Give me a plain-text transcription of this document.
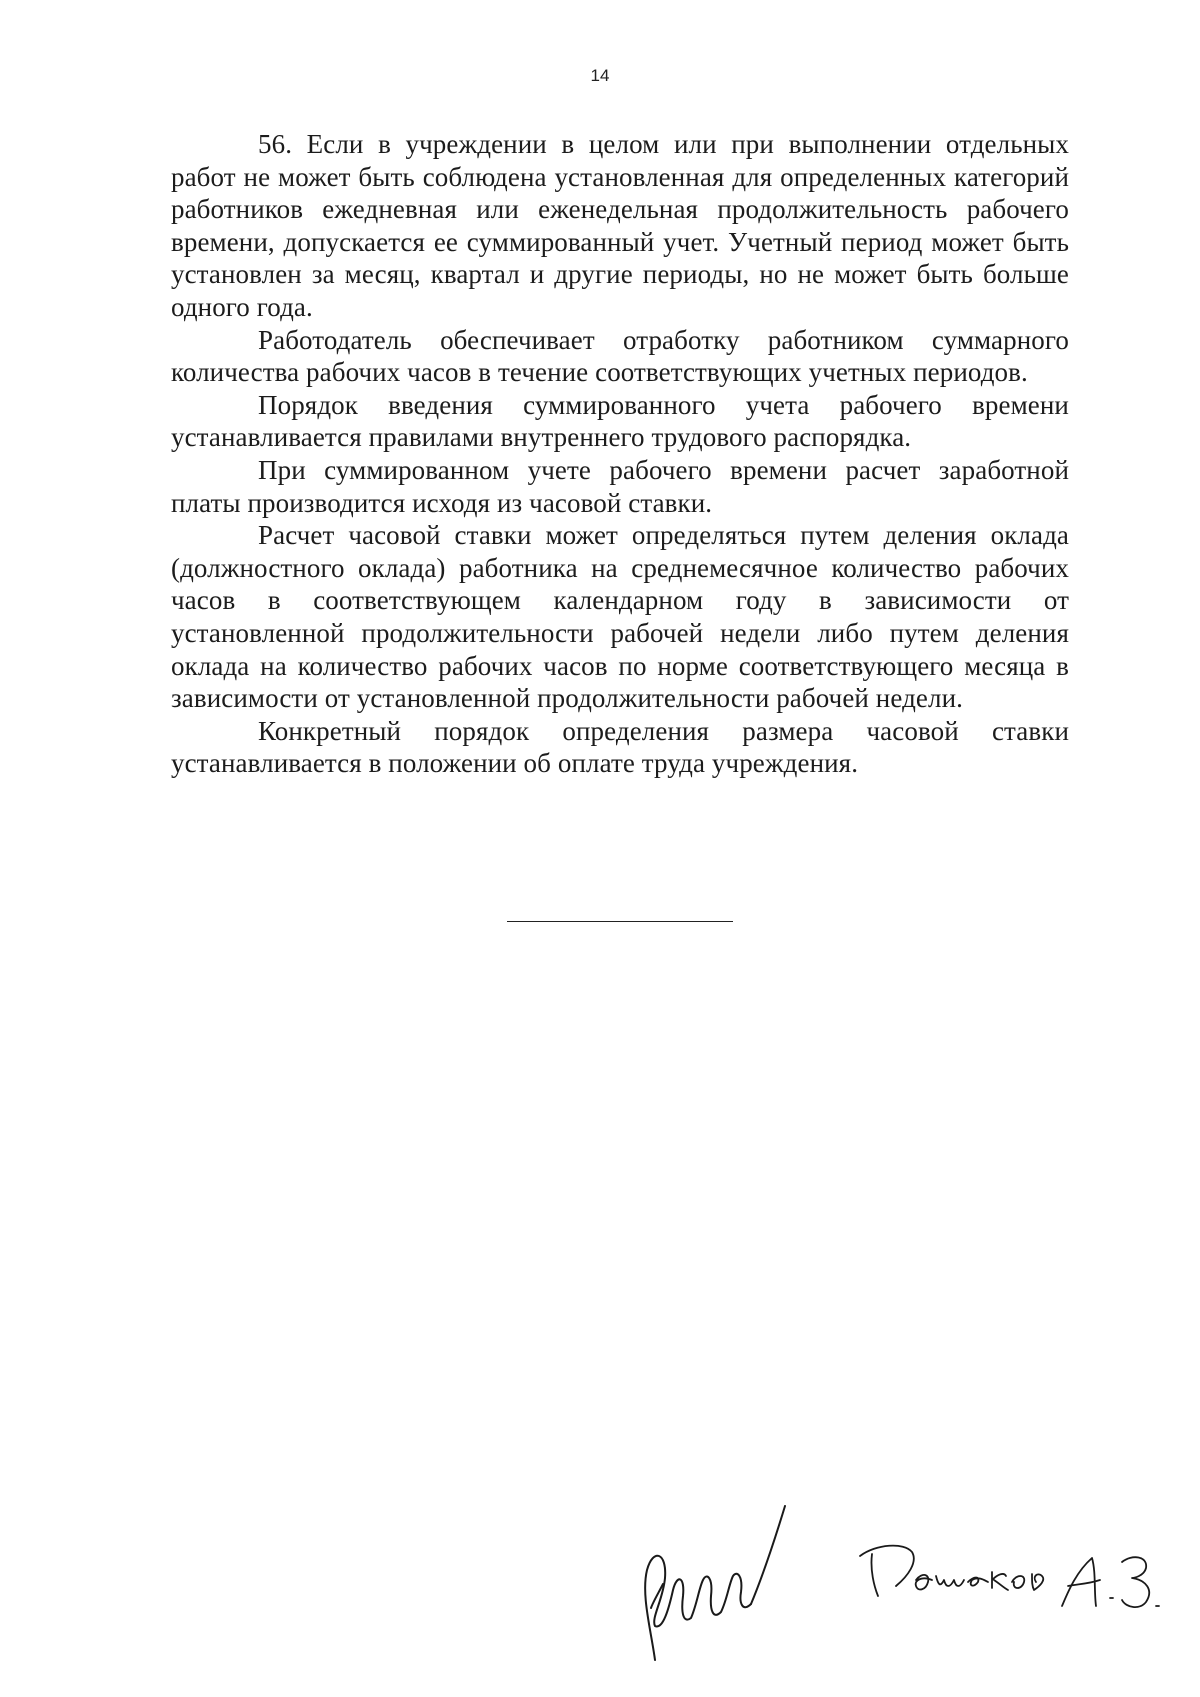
14

56. Если в учреждении в целом или при выполнении отдельных работ не может быть соблюдена установленная для определенных категорий работников ежедневная или еженедельная продолжительность рабочего времени, допускается ее суммированный учет. Учетный период может быть установлен за месяц, квартал и другие периоды, но не может быть больше одного года.

Работодатель обеспечивает отработку работником суммарного количества рабочих часов в течение соответствующих учетных периодов.

Порядок введения суммированного учета рабочего времени устанавливается правилами внутреннего трудового распорядка.

При суммированном учете рабочего времени расчет заработной платы производится исходя из часовой ставки.

Расчет часовой ставки может определяться путем деления оклада (должностного оклада) работника на среднемесячное количество рабочих часов в соответствующем календарном году в зависимости от установленной продолжительности рабочей недели либо путем деления оклада на количество рабочих часов по норме соответствующего месяца в зависимости от установленной продолжительности рабочей недели.

Конкретный порядок определения размера часовой ставки устанавливается в положении об оплате труда учреждения.
